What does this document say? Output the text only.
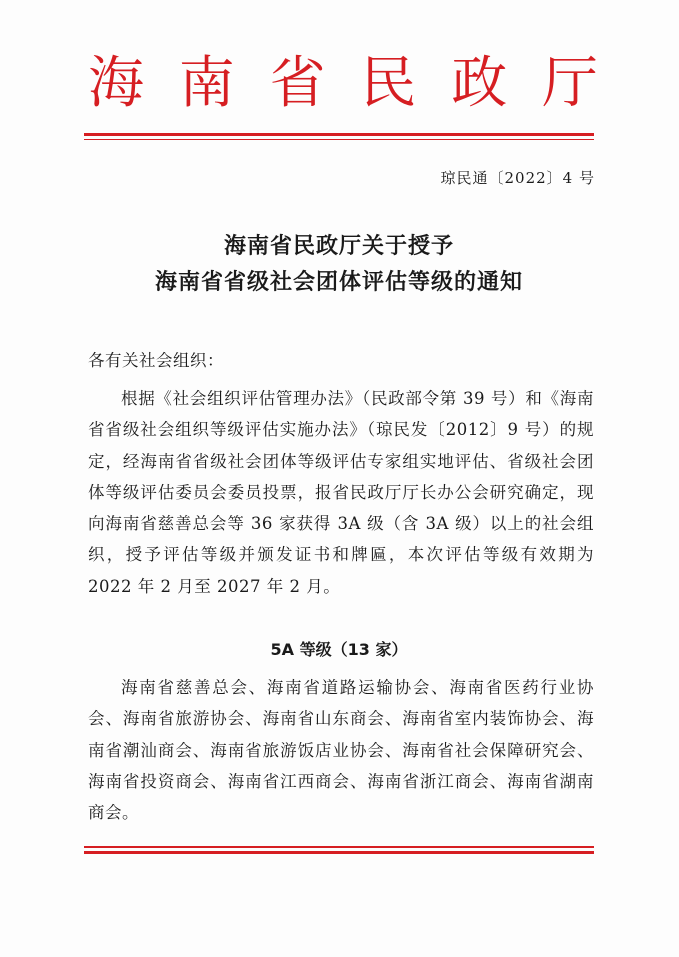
海 南 省 民 政 厅
琼民通〔2022〕4 号
海南省民政厅关于授予
海南省省级社会团体评估等级的通知
各有关社会组织：

根据《社会组织评估管理办法》（民政部令第 39 号）和《海南省省级社会组织等级评估实施办法》（琼民发〔2012〕9 号）的规定，经海南省省级社会团体等级评估专家组实地评估、省级社会团体等级评估委员会委员投票，报省民政厅厅长办公会研究确定，现向海南省慈善总会等 36 家获得 3A 级（含 3A 级）以上的社会组织，授予评估等级并颁发证书和牌匾，本次评估等级有效期为 2022 年 2 月至 2027 年 2 月。

5A 等级（13 家）

海南省慈善总会、海南省道路运输协会、海南省医药行业协会、海南省旅游协会、海南省山东商会、海南省室内装饰协会、海南省潮汕商会、海南省旅游饭店业协会、海南省社会保障研究会、海南省投资商会、海南省江西商会、海南省浙江商会、海南省湖南商会。
